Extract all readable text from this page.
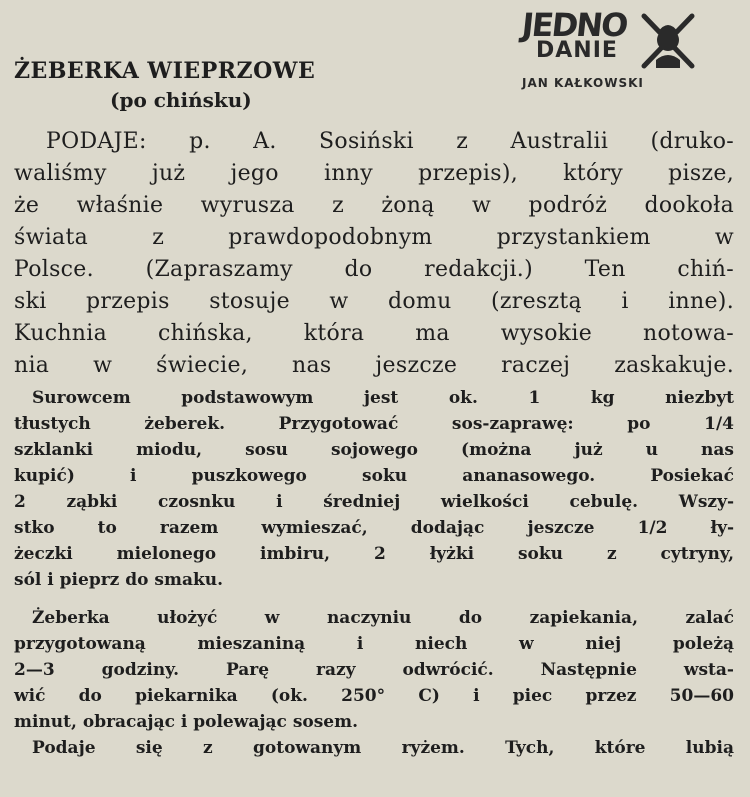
JEDNO
DANIE
JAN KAŁKOWSKI
ŻEBERKA WIEPRZOWE
(po chińsku)
PODAJE: p. A. Sosiński z Australii (druko-
waliśmy już jego inny przepis), który pisze,
że właśnie wyrusza z żoną w podróż dookoła
świata z prawdopodobnym przystankiem w
Polsce. (Zapraszamy do redakcji.) Ten chiń-
ski przepis stosuje w domu (zresztą i inne).
Kuchnia chińska, która ma wysokie notowa-
nia w świecie, nas jeszcze raczej zaskakuje.
Surowcem podstawowym jest ok. 1 kg niezbyt
tłustych żeberek. Przygotować sos-zaprawę: po 1/4
szklanki miodu, sosu sojowego (można już u nas
kupić) i puszkowego soku ananasowego. Posiekać
2 ząbki czosnku i średniej wielkości cebulę. Wszy-
stko to razem wymieszać, dodając jeszcze 1/2 ły-
żeczki mielonego imbiru, 2 łyżki soku z cytryny,
sól i pieprz do smaku.
Żeberka ułożyć w naczyniu do zapiekania, zalać
przygotowaną mieszaniną i niech w niej poleżą
2—3 godziny. Parę razy odwrócić. Następnie wsta-
wić do piekarnika (ok. 250° C) i piec przez 50—60
minut, obracając i polewając sosem.
Podaje się z gotowanym ryżem. Tych, które lubią
